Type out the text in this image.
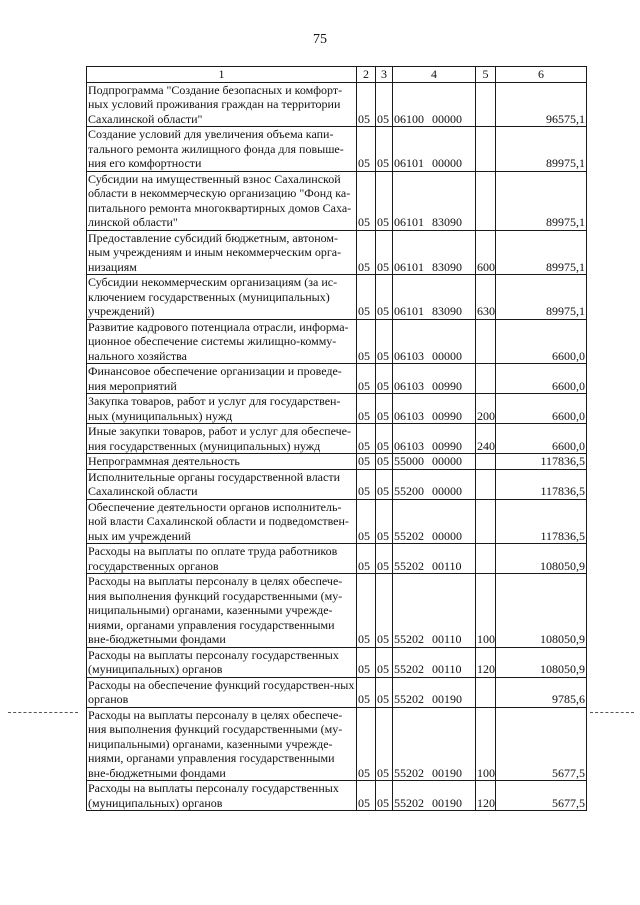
75
1	2	3	4	5	6
Подпрограмма "Создание безопасных и комфорт-ных условий проживания граждан на территории Сахалинской области"	05	05	06100 00000		96575,1
Создание условий для увеличения объема капи-тального ремонта жилищного фонда для повыше-ния его комфортности	05	05	06101 00000		89975,1
Субсидии на имущественный взнос Сахалинской области в некоммерческую организацию "Фонд ка-питального ремонта многоквартирных домов Саха-линской области"	05	05	06101 83090		89975,1
Предоставление субсидий бюджетным, автоном-ным учреждениям и иным некоммерческим орга-низациям	05	05	06101 83090	600	89975,1
Субсидии некоммерческим организациям (за ис-ключением государственных (муниципальных) учреждений)	05	05	06101 83090	630	89975,1
Развитие кадрового потенциала отрасли, информа-ционное обеспечение системы жилищно-комму-нального хозяйства	05	05	06103 00000		6600,0
Финансовое обеспечение организации и проведе-ния мероприятий	05	05	06103 00990		6600,0
Закупка товаров, работ и услуг для государствен-ных (муниципальных) нужд	05	05	06103 00990	200	6600,0
Иные закупки товаров, работ и услуг для обеспече-ния государственных (муниципальных) нужд	05	05	06103 00990	240	6600,0
Непрограммная деятельность	05	05	55000 00000		117836,5
Исполнительные органы государственной власти Сахалинской области	05	05	55200 00000		117836,5
Обеспечение деятельности органов исполнитель-ной власти Сахалинской области и подведомствен-ных им учреждений	05	05	55202 00000		117836,5
Расходы на выплаты по оплате труда работников государственных органов	05	05	55202 00110		108050,9
Расходы на выплаты персоналу в целях обеспече-ния выполнения функций государственными (му-ниципальными) органами, казенными учрежде-ниями, органами управления государственными вне-бюджетными фондами	05	05	55202 00110	100	108050,9
Расходы на выплаты персоналу государственных (муниципальных) органов	05	05	55202 00110	120	108050,9
Расходы на обеспечение функций государствен-ных органов	05	05	55202 00190		9785,6
Расходы на выплаты персоналу в целях обеспече-ния выполнения функций государственными (му-ниципальными) органами, казенными учрежде-ниями, органами управления государственными вне-бюджетными фондами	05	05	55202 00190	100	5677,5
Расходы на выплаты персоналу государственных (муниципальных) органов	05	05	55202 00190	120	5677,5
